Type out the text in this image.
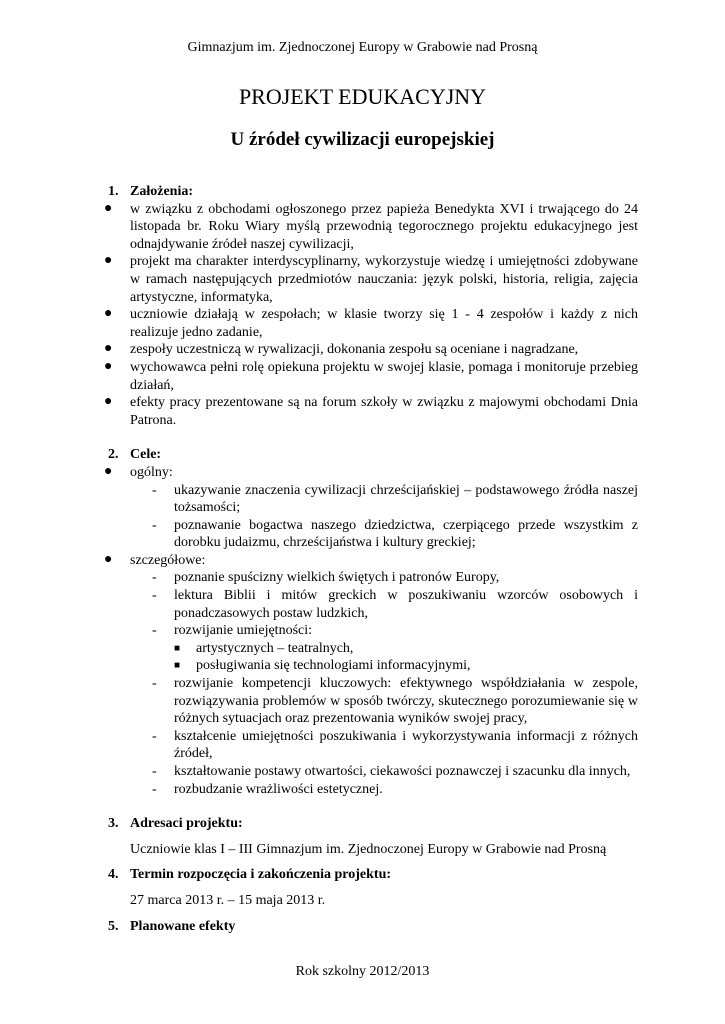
Gimnazjum im. Zjednoczonej Europy w Grabowie nad Prosną
PROJEKT EDUKACYJNY
U źródeł cywilizacji europejskiej
1. Założenia:
● w związku z obchodami ogłoszonego przez papieża Benedykta XVI i trwającego do 24 listopada br. Roku Wiary myślą przewodnią tegorocznego projektu edukacyjnego jest odnajdywanie źródeł naszej cywilizacji,
● projekt ma charakter interdyscyplinarny, wykorzystuje wiedzę i umiejętności zdobywane w ramach następujących przedmiotów nauczania: język polski, historia, religia, zajęcia artystyczne, informatyka,
● uczniowie działają w zespołach; w klasie tworzy się 1 - 4 zespołów i każdy z nich realizuje jedno zadanie,
● zespoły uczestniczą w rywalizacji, dokonania zespołu są oceniane i nagradzane,
● wychowawca pełni rolę opiekuna projektu w swojej klasie, pomaga i monitoruje przebieg działań,
● efekty pracy prezentowane są na forum szkoły w związku z majowymi obchodami Dnia Patrona.
2. Cele:
● ogólny:
- ukazywanie znaczenia cywilizacji chrześcijańskiej – podstawowego źródła naszej tożsamości;
- poznawanie bogactwa naszego dziedzictwa, czerpiącego przede wszystkim z dorobku judaizmu, chrześcijaństwa i kultury greckiej;
● szczegółowe:
- poznanie spuścizny wielkich świętych i patronów Europy,
- lektura Biblii i mitów greckich w poszukiwaniu wzorców osobowych i ponadczasowych postaw ludzkich,
- rozwijanie umiejętności:
■ artystycznych – teatralnych,
■ posługiwania się technologiami informacyjnymi,
- rozwijanie kompetencji kluczowych: efektywnego współdziałania w zespole, rozwiązywania problemów w sposób twórczy, skutecznego porozumiewanie się w różnych sytuacjach oraz prezentowania wyników swojej pracy,
- kształcenie umiejętności poszukiwania i wykorzystywania informacji z różnych źródeł,
- kształtowanie postawy otwartości, ciekawości poznawczej i szacunku dla innych,
- rozbudzanie wrażliwości estetycznej.
3. Adresaci projektu:
Uczniowie klas I – III Gimnazjum im. Zjednoczonej Europy w Grabowie nad Prosną
4. Termin rozpoczęcia i zakończenia projektu:
27 marca 2013 r. – 15 maja 2013 r.
5. Planowane efekty
Rok szkolny 2012/2013
